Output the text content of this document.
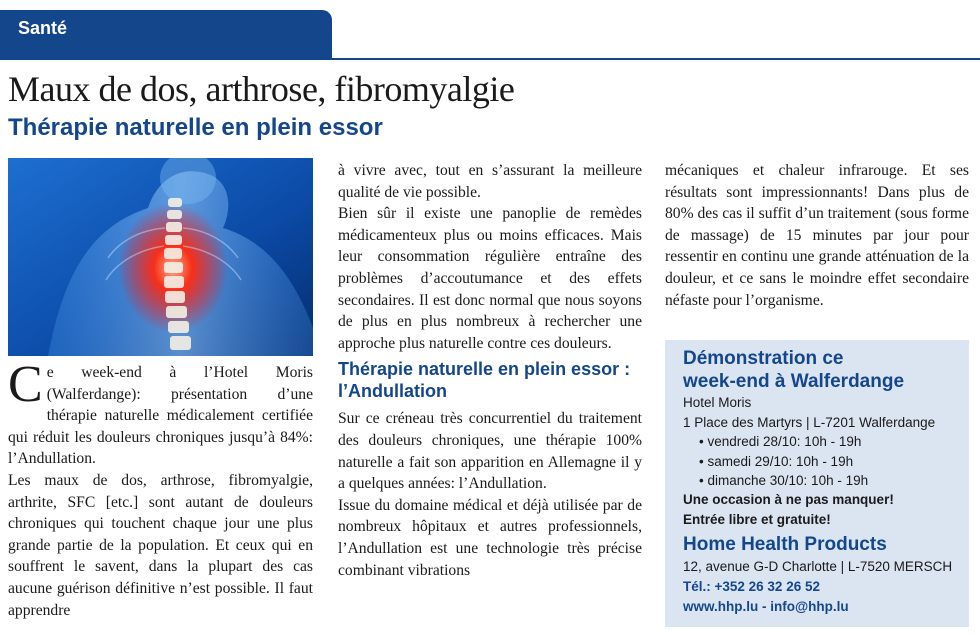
Santé
Maux de dos, arthrose, fibromyalgie
Thérapie naturelle en plein essor

Ce week-end à l’Hotel Moris (Walferdange): présentation d’une thérapie naturelle médicalement certifiée qui réduit les douleurs chroniques jusqu’à 84%: l’Andullation.

Les maux de dos, arthrose, fibromyalgie, arthrite, SFC [etc.] sont autant de douleurs chroniques qui touchent chaque jour une plus grande partie de la population. Et ceux qui en souffrent le savent, dans la plupart des cas aucune guérison définitive n’est possible. Il faut apprendre

à vivre avec, tout en s’assurant la meilleure qualité de vie possible.

Bien sûr il existe une panoplie de remèdes médicamenteux plus ou moins efficaces. Mais leur consommation régulière entraîne des problèmes d’accoutumance et des effets secondaires. Il est donc normal que nous soyons de plus en plus nombreux à rechercher une approche plus naturelle contre ces douleurs.

Thérapie naturelle en plein essor : l’Andullation

Sur ce créneau très concurrentiel du traitement des douleurs chroniques, une thérapie 100% naturelle a fait son apparition en Allemagne il y a quelques années: l’Andullation.

Issue du domaine médical et déjà utilisée par de nombreux hôpitaux et autres professionnels, l’Andullation est une technologie très précise combinant vibrations

mécaniques et chaleur infrarouge. Et ses résultats sont impressionnants! Dans plus de 80% des cas il suffit d’un traitement (sous forme de massage) de 15 minutes par jour pour ressentir en continu une grande atténuation de la douleur, et ce sans le moindre effet secondaire néfaste pour l’organisme.

Démonstration ce
week-end à Walferdange
Hotel Moris
1 Place des Martyrs | L-7201 Walferdange
• vendredi 28/10: 10h - 19h
• samedi 29/10: 10h - 19h
• dimanche 30/10: 10h - 19h
Une occasion à ne pas manquer!
Entrée libre et gratuite!
Home Health Products
12, avenue G-D Charlotte | L-7520 MERSCH
Tél.: +352 26 32 26 52
www.hhp.lu - info@hhp.lu
